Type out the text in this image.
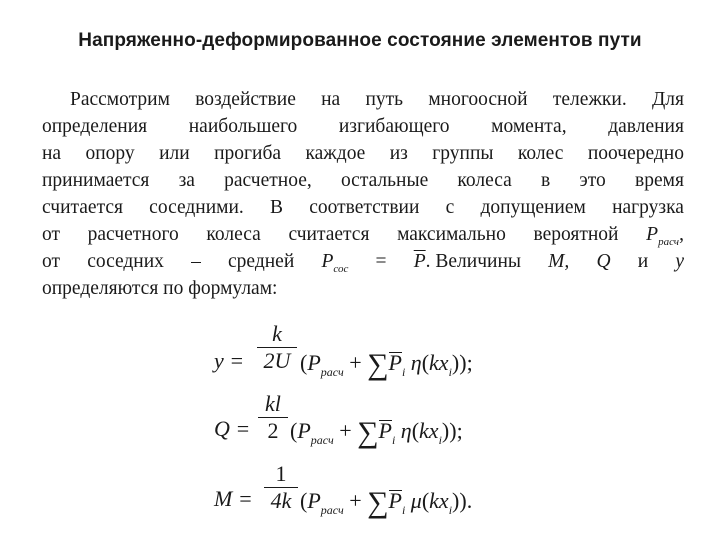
Напряженно-деформированное состояние элементов пути
Рассмотрим воздействие на путь многоосной тележки. Для
определения наибольшего изгибающего момента, давления
на опору или прогиба каждое из группы колес поочередно
принимается за расчетное, остальные колеса в это время
считается соседними. В соответствии с допущением нагрузка
от расчетного колеса считается максимально вероятной $P_{расч}$,
от соседних – средней $P_{сос} = \overline{P}$. Величины M, Q и y
определяются по формулам:
y =
k
2U ($P_{расч} + \sum P_i$ $\eta(kx_i)$);
Q =
kl
2 ($P_{расч} + \sum P_i$ $\eta(kx_i)$);
M =
1
4k ($P_{расч} + \sum P_i$ $\mu(kx_i)$).
